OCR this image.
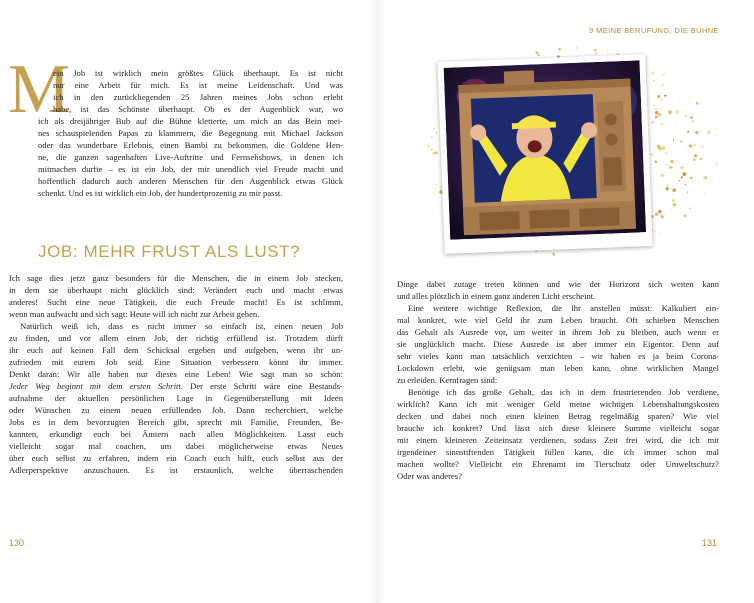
9 MEINE BERUFUNG, DIE BÜHNE
M
ein Job ist wirklich mein größtes Glück überhaupt. Es ist nicht
nur eine Arbeit für mich. Es ist meine Leidenschaft. Und was
ich in den zurückliegenden 25 Jahren meines Jobs schon erlebt
habe, ist das Schönste überhaupt. Ob es der Augenblick war, wo
ich als dreijähriger Bub auf die Bühne kletterte, um mich an das Bein mei-
nes schauspielenden Papas zu klammern, die Begegnung mit Michael Jackson
oder das wunderbare Erlebnis, einen Bambi zu bekommen, die Goldene Hen-
ne, die ganzen sagenhaften Live-Auftritte und Fernsehshows, in denen ich
mitmachen durfte – es ist ein Job, der mir unendlich viel Freude macht und
hoffentlich dadurch auch anderen Menschen für den Augenblick etwas Glück
schenkt. Und es ist wirklich ein Job, der hundertprozentig zu mir passt.
JOB: MEHR FRUST ALS LUST?
Ich sage dies jetzt ganz besonders für die Menschen, die in einem Job stecken,
in dem sie überhaupt nicht glücklich sind: Verändert euch und macht etwas
anderes! Sucht eine neue Tätigkeit, die euch Freude macht! Es ist schlimm,
wenn man aufwacht und sich sagt: Heute will ich nicht zur Arbeit gehen.
Natürlich weiß ich, dass es nicht immer so einfach ist, einen neuen Job
zu finden, und vor allem einen Job, der richtig erfüllend ist. Trotzdem dürft
ihr euch auf keinen Fall dem Schicksal ergeben und aufgeben, wenn ihr un-
zufrieden mit eurem Job seid. Eine Situation verbessern könnt ihr immer.
Denkt daran: Wir alle haben nur dieses eine Leben! Wie sagt man so schön:
Jeder Weg beginnt mit dem ersten Schritt. Der erste Schritt wäre eine Bestands-
aufnahme der aktuellen persönlichen Lage in Gegenüberstellung mit Ideen
oder Wünschen zu einem neuen erfüllenden Job. Dann recherchiert, welche
Jobs es in dem bevorzugten Bereich gibt, sprecht mit Familie, Freunden, Be-
kannten, erkundigt euch bei Ämtern nach allen Möglichkeiten. Lasst euch
vielleicht sogar mal coachen, um dabei möglicherweise etwas Neues
über euch selbst zu erfahren, indem ein Coach euch hilft, euch selbst aus der
Adlerperspektive anzuschauen. Es ist erstaunlich, welche überraschenden
Dinge dabei zutage treten können und wie der Horizont sich weiten kann
und alles plötzlich in einem ganz anderen Licht erscheint.
Eine weitere wichtige Reflexion, die ihr anstellen müsst: Kalkuliert ein-
mal konkret, wie viel Geld ihr zum Leben braucht. Oft schieben Menschen
das Gehalt als Ausrede vor, um weiter in ihrem Job zu bleiben, auch wenn er
sie unglücklich macht. Diese Ausrede ist aber immer ein Eigentor. Denn auf
sehr vieles kann man tatsächlich verzichten – wir haben es ja beim Corona-
Lockdown erlebt, wie genügsam man leben kann, ohne wirklichen Mangel
zu erleiden. Kernfragen sind:
Benötige ich das große Gehalt, das ich in dem frustrierenden Job verdiene,
wirklich? Kann ich mit weniger Geld meine wichtigen Lebenshaltungskosten
decken und dabei noch einen kleinen Betrag regelmäßig sparen? Wie viel
brauche ich konkret? Und lässt sich diese kleinere Summe vielleicht sogar
mit einem kleineren Zeiteinsatz verdienen, sodass Zeit frei wird, die ich mit
irgendeiner sinnstiftenden Tätigkeit füllen kann, die ich immer schon mal
machen wollte? Vielleicht ein Ehrenamt im Tierschutz oder Umweltschutz?
Oder was anderes?
130	131
